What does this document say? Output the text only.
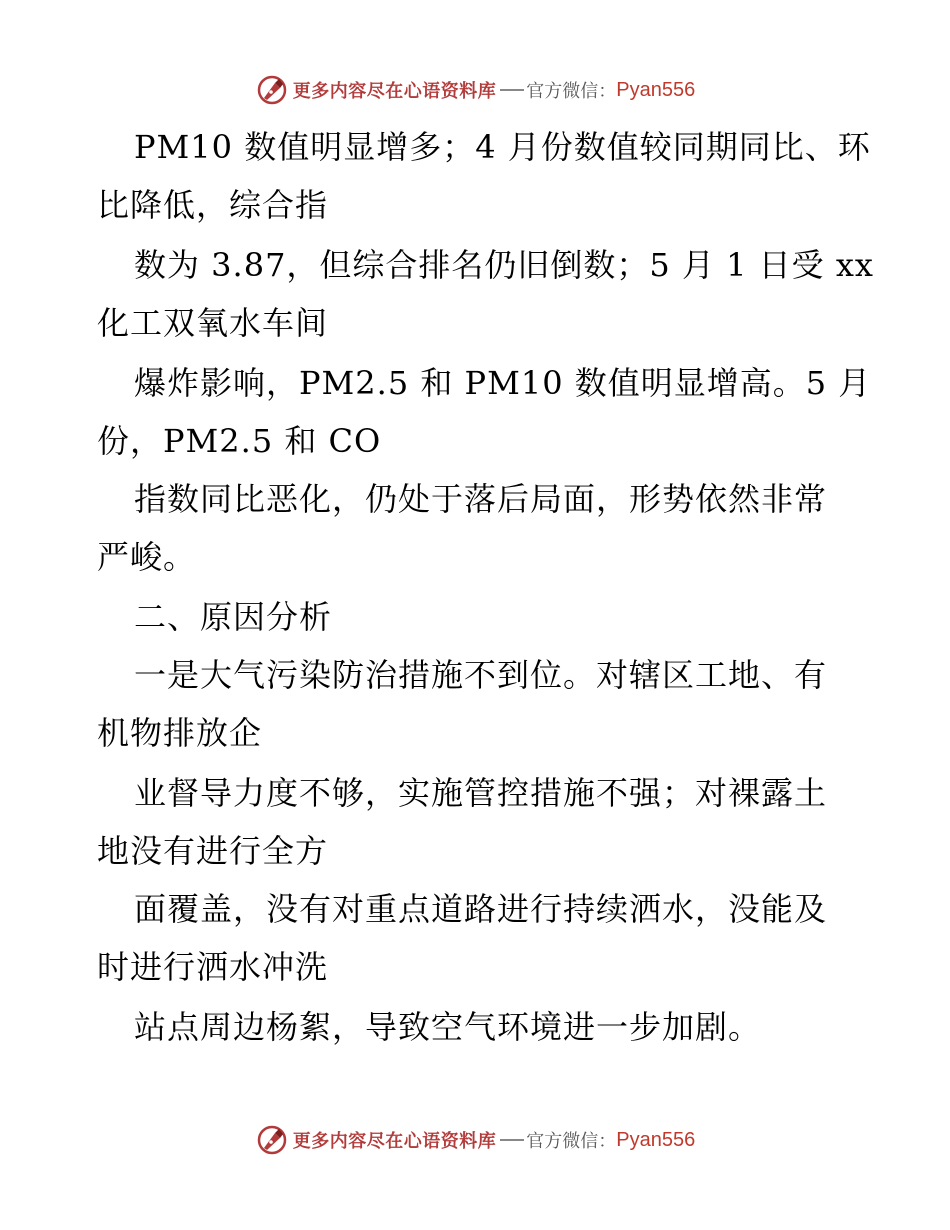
更多内容尽在心语资料库 官方微信： Pyan556
PM10 数值明显增多；4 月份数值较同期同比、环
比降低，综合指
数为 3.87，但综合排名仍旧倒数；5 月 1 日受 xx
化工双氧水车间
爆炸影响，PM2.5 和 PM10 数值明显增高。5 月
份，PM2.5 和 CO
指数同比恶化，仍处于落后局面，形势依然非常
严峻。
二、原因分析
一是大气污染防治措施不到位。对辖区工地、有
机物排放企
业督导力度不够，实施管控措施不强；对裸露土
地没有进行全方
面覆盖，没有对重点道路进行持续洒水，没能及
时进行洒水冲洗
站点周边杨絮，导致空气环境进一步加剧。
更多内容尽在心语资料库 官方微信： Pyan556
